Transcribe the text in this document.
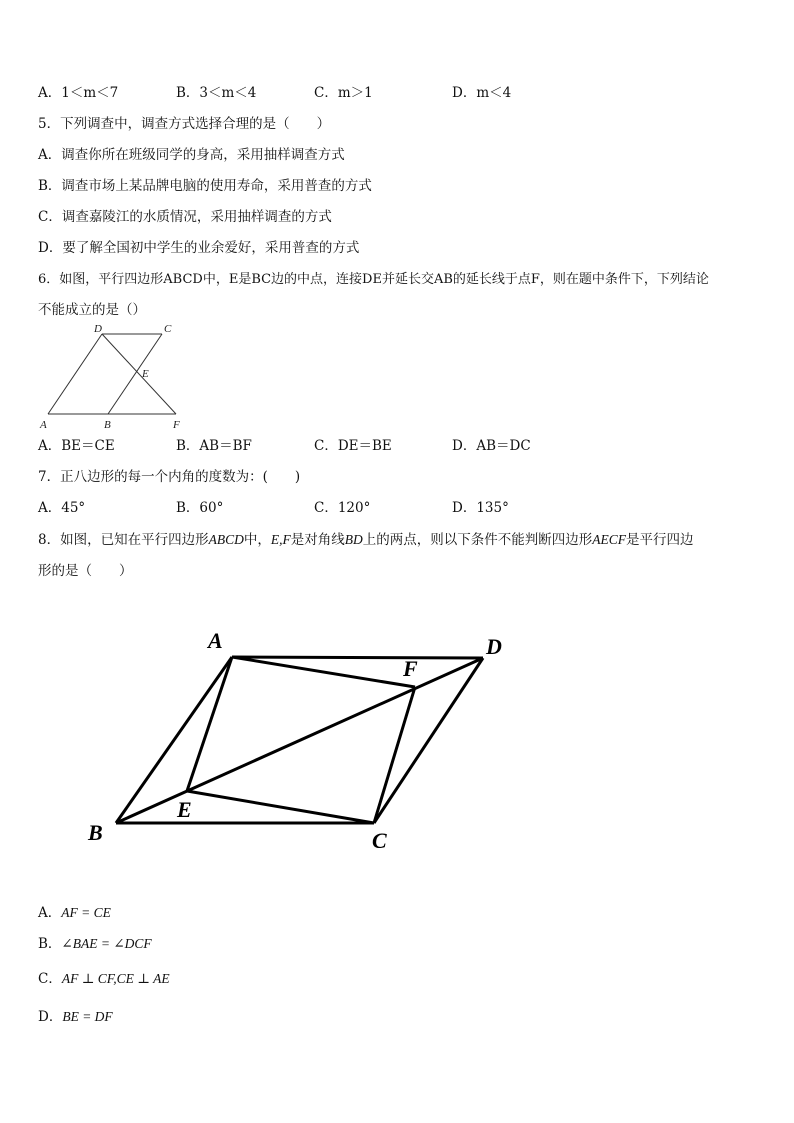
A．1＜m＜7	B．3＜m＜4	C．m＞1	D．m＜4
5．下列调查中，调查方式选择合理的是（　　）
A．调查你所在班级同学的身高，采用抽样调查方式
B．调查市场上某品牌电脑的使用寿命，采用普查的方式
C．调查嘉陵江的水质情况，采用抽样调查的方式
D．要了解全国初中学生的业余爱好，采用普查的方式
6．如图，平行四边形ABCD中，E是BC边的中点，连接DE并延长交AB的延长线于点F，则在题中条件下，下列结论
不能成立的是（）
D	C
E
A	B	F
A．BE＝CE	B．AB＝BF	C．DE＝BE	D．AB＝DC
7．正八边形的每一个内角的度数为：(　　)
A．45°	B．60°	C．120°	D．135°
8．如图，已知在平行四边形ABCD中，E,F是对角线BD上的两点，则以下条件不能判断四边形AECF是平行四边
形的是（　　）
A	D
F
E
B	C
A．AF = CE
B．∠BAE = ∠DCF
C．AF ⊥ CF,CE ⊥ AE
D．BE = DF
